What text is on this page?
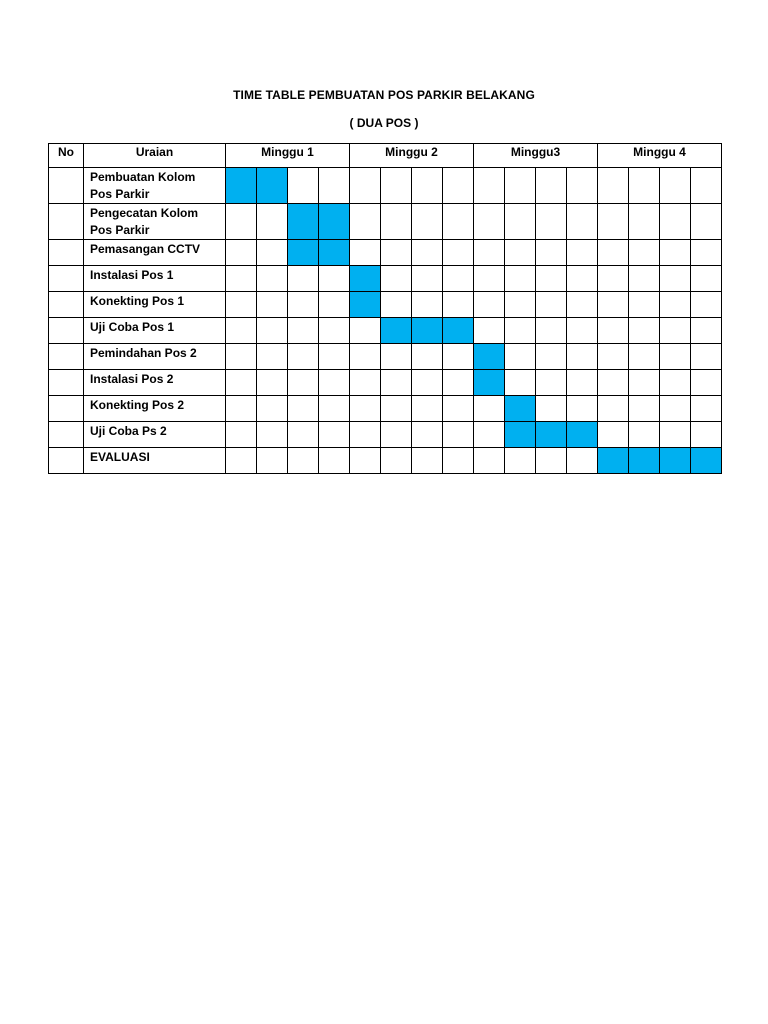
TIME TABLE PEMBUATAN POS PARKIR BELAKANG
( DUA POS )
No	Uraian	Minggu 1				Minggu 2				Minggu3				Minggu 4			

	Pembuatan Kolom
Pos Parkir																

	Pengecatan Kolom
Pos Parkir																

	Pemasangan CCTV																

	Instalasi Pos 1																

	Konekting Pos 1																

	Uji Coba Pos 1																

	Pemindahan Pos 2																

	Instalasi Pos 2																

	Konekting Pos 2																

	Uji Coba Ps 2																

	EVALUASI																
